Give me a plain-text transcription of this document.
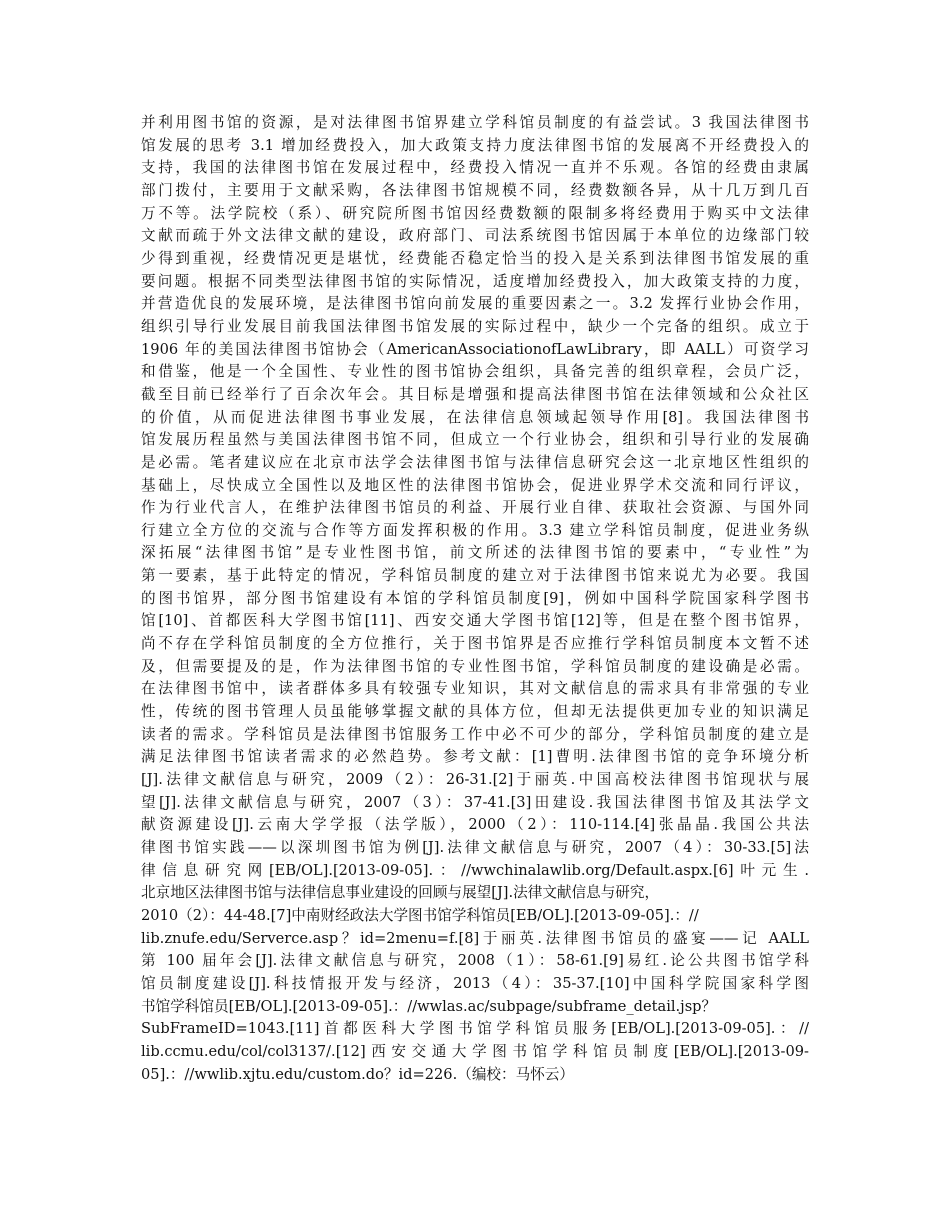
并利用图书馆的资源，是对法律图书馆界建立学科馆员制度的有益尝试。3 我国法律图书
馆发展的思考 3.1 增加经费投入，加大政策支持力度法律图书馆的发展离不开经费投入的
支持，我国的法律图书馆在发展过程中，经费投入情况一直并不乐观。各馆的经费由隶属
部门拨付，主要用于文献采购，各法律图书馆规模不同，经费数额各异，从十几万到几百
万不等。法学院校（系）、研究院所图书馆因经费数额的限制多将经费用于购买中文法律
文献而疏于外文法律文献的建设，政府部门、司法系统图书馆因属于本单位的边缘部门较
少得到重视，经费情况更是堪忧，经费能否稳定恰当的投入是关系到法律图书馆发展的重
要问题。根据不同类型法律图书馆的实际情况，适度增加经费投入，加大政策支持的力度，
并营造优良的发展环境，是法律图书馆向前发展的重要因素之一。3.2 发挥行业协会作用，
组织引导行业发展目前我国法律图书馆发展的实际过程中，缺少一个完备的组织。成立于
1906 年的美国法律图书馆协会（AmericanAssociationofLawLibrary，即 AALL）可资学习
和借鉴，他是一个全国性、专业性的图书馆协会组织，具备完善的组织章程，会员广泛，
截至目前已经举行了百余次年会。其目标是增强和提高法律图书馆在法律领域和公众社区
的价值，从而促进法律图书事业发展，在法律信息领域起领导作用[8]。我国法律图书
馆发展历程虽然与美国法律图书馆不同，但成立一个行业协会，组织和引导行业的发展确
是必需。笔者建议应在北京市法学会法律图书馆与法律信息研究会这一北京地区性组织的
基础上，尽快成立全国性以及地区性的法律图书馆协会，促进业界学术交流和同行评议，
作为行业代言人，在维护法律图书馆员的利益、开展行业自律、获取社会资源、与国外同
行建立全方位的交流与合作等方面发挥积极的作用。3.3 建立学科馆员制度，促进业务纵
深拓展“法律图书馆”是专业性图书馆，前文所述的法律图书馆的要素中，“专业性”为
第一要素，基于此特定的情况，学科馆员制度的建立对于法律图书馆来说尤为必要。我国
的图书馆界，部分图书馆建设有本馆的学科馆员制度[9]，例如中国科学院国家科学图书
馆[10]、首都医科大学图书馆[11]、西安交通大学图书馆[12]等，但是在整个图书馆界，
尚不存在学科馆员制度的全方位推行，关于图书馆界是否应推行学科馆员制度本文暂不述
及，但需要提及的是，作为法律图书馆的专业性图书馆，学科馆员制度的建设确是必需。
在法律图书馆中，读者群体多具有较强专业知识，其对文献信息的需求具有非常强的专业
性，传统的图书管理人员虽能够掌握文献的具体方位，但却无法提供更加专业的知识满足
读者的需求。学科馆员是法律图书馆服务工作中必不可少的部分，学科馆员制度的建立是
满足法律图书馆读者需求的必然趋势。参考文献：[1]曹明.法律图书馆的竞争环境分析
[J].法律文献信息与研究，2009（2）：26-31.[2]于丽英.中国高校法律图书馆现状与展
望[J].法律文献信息与研究，2007（3）：37-41.[3]田建设.我国法律图书馆及其法学文
献资源建设[J].云南大学学报（法学版），2000（2）：110-114.[4]张晶晶.我国公共法
律图书馆实践——以深圳图书馆为例[J].法律文献信息与研究，2007（4）：30-33.[5]法
律信息研究网[EB/OL].[2013-09-05].：//wwchinalawlib.org/Default.aspx.[6]叶元生.
北京地区法律图书馆与法律信息事业建设的回顾与展望[J].法律文献信息与研究，
2010（2）：44-48.[7]中南财经政法大学图书馆学科馆员[EB/OL].[2013-09-05].：//
lib.znufe.edu/Serverce.asp？id=2menu=f.[8]于丽英.法律图书馆员的盛宴——记 AALL
第 100 届年会[J].法律文献信息与研究，2008（1）：58-61.[9]易红.论公共图书馆学科
馆员制度建设[J].科技情报开发与经济，2013（4）：35-37.[10]中国科学院国家科学图
书馆学科馆员[EB/OL].[2013-09-05].：//wwlas.ac/subpage/subframe_detail.jsp？
SubFrameID=1043.[11]首都医科大学图书馆学科馆员服务[EB/OL].[2013-09-05].：//
lib.ccmu.edu/col/col3137/.[12]西安交通大学图书馆学科馆员制度[EB/OL].[2013-09-
05].：//wwlib.xjtu.edu/custom.do？id=226.（编校：马怀云）
